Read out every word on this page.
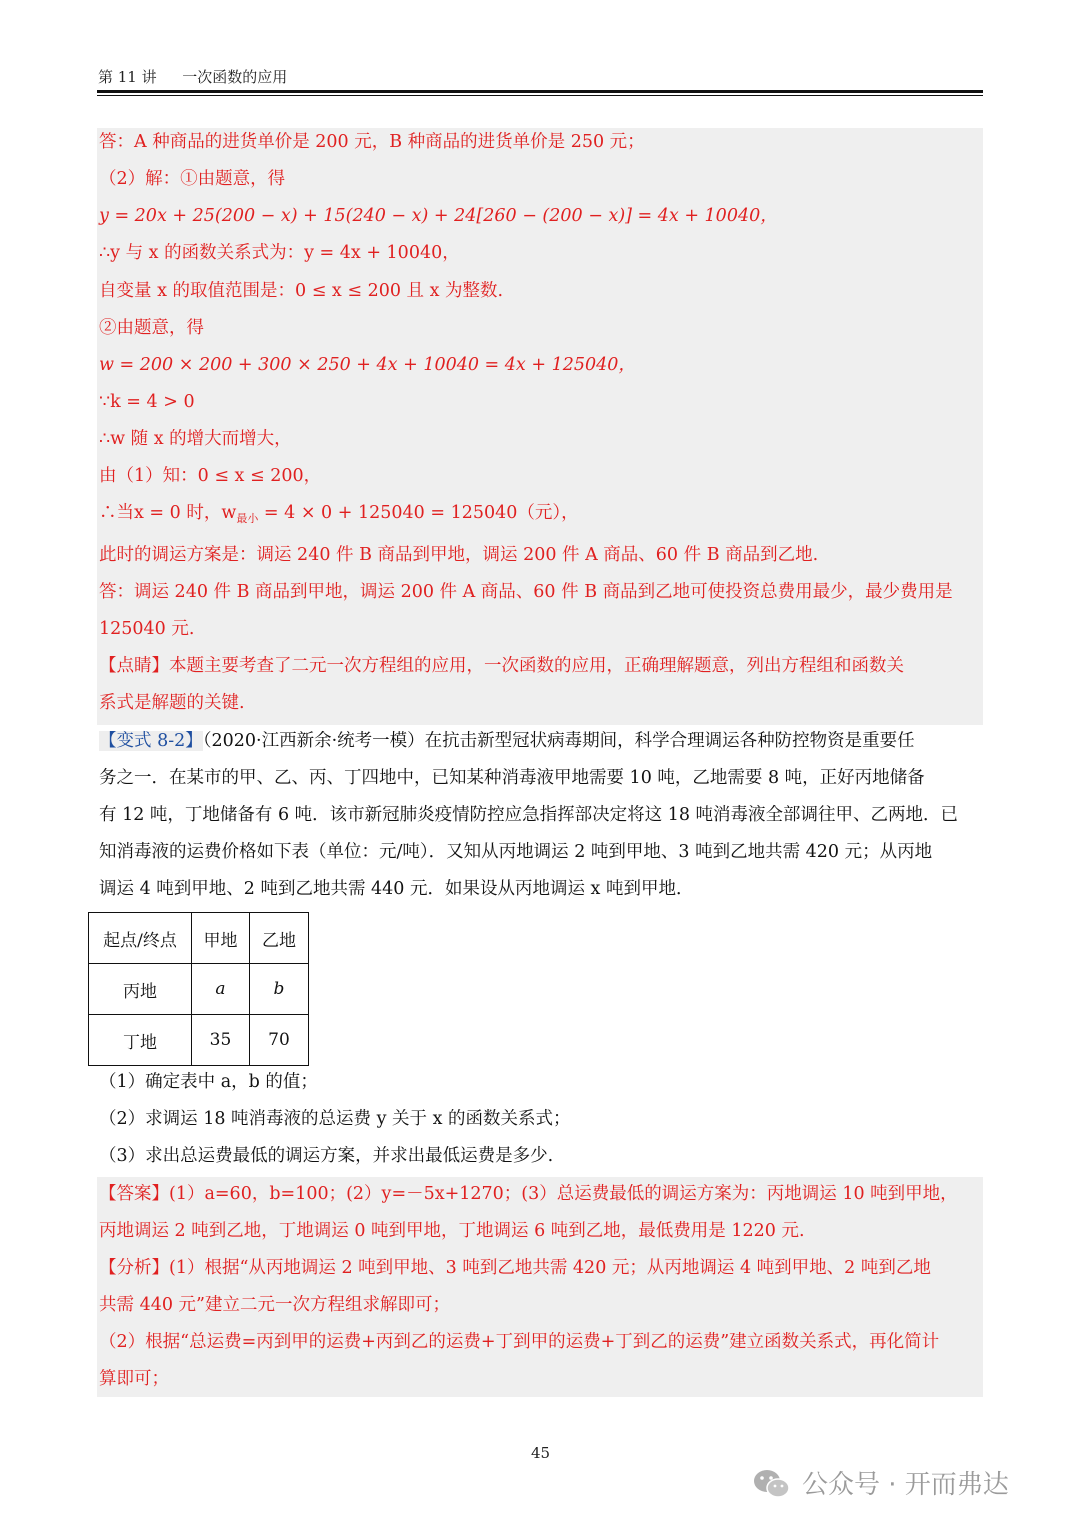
第 11 讲 一次函数的应用
答：A 种商品的进货单价是 200 元，B 种商品的进货单价是 250 元；
（2）解：①由题意，得
y = 20x + 25(200 − x) + 15(240 − x) + 24[260 − (200 − x)] = 4x + 10040，
∴y 与 x 的函数关系式为：y = 4x + 10040，
自变量 x 的取值范围是：0 ≤ x ≤ 200 且 x 为整数.
②由题意，得
w = 200 × 200 + 300 × 250 + 4x + 10040 = 4x + 125040，
∵k = 4 > 0
∴w 随 x 的增大而增大，
由（1）知：0 ≤ x ≤ 200，
∴当x = 0 时，$w_{最小} = 4 \times 0 + 125040 = 125040$（元），
此时的调运方案是：调运 240 件 B 商品到甲地，调运 200 件 A 商品、60 件 B 商品到乙地.
答：调运 240 件 B 商品到甲地，调运 200 件 A 商品、60 件 B 商品到乙地可使投资总费用最少，最少费用是
125040 元.
【点睛】本题主要考查了二元一次方程组的应用，一次函数的应用，正确理解题意，列出方程组和函数关
系式是解题的关键.
【变式 8-2】（2020·江西新余·统考一模）在抗击新型冠状病毒期间，科学合理调运各种防控物资是重要任
务之一．在某市的甲、乙、丙、丁四地中，已知某种消毒液甲地需要 10 吨，乙地需要 8 吨，正好丙地储备
有 12 吨，丁地储备有 6 吨．该市新冠肺炎疫情防控应急指挥部决定将这 18 吨消毒液全部调往甲、乙两地．已
知消毒液的运费价格如下表（单位：元/吨）．又知从丙地调运 2 吨到甲地、3 吨到乙地共需 420 元；从丙地
调运 4 吨到甲地、2 吨到乙地共需 440 元．如果设从丙地调运 x 吨到甲地．
起点/终点	甲地	乙地
丙地	a	b
丁地	35	70
（1）确定表中 a，b 的值；
（2）求调运 18 吨消毒液的总运费 y 关于 x 的函数关系式；
（3）求出总运费最低的调运方案，并求出最低运费是多少.
【答案】(1）a=60，b=100；(2）y=－5x+1270；(3）总运费最低的调运方案为：丙地调运 10 吨到甲地，
丙地调运 2 吨到乙地，丁地调运 0 吨到甲地，丁地调运 6 吨到乙地，最低费用是 1220 元.
【分析】(1）根据“从丙地调运 2 吨到甲地、3 吨到乙地共需 420 元；从丙地调运 4 吨到甲地、2 吨到乙地
共需 440 元”建立二元一次方程组求解即可；
（2）根据“总运费=丙到甲的运费+丙到乙的运费+丁到甲的运费+丁到乙的运费”建立函数关系式，再化简计
算即可；
45
公众号 · 开而弗达
